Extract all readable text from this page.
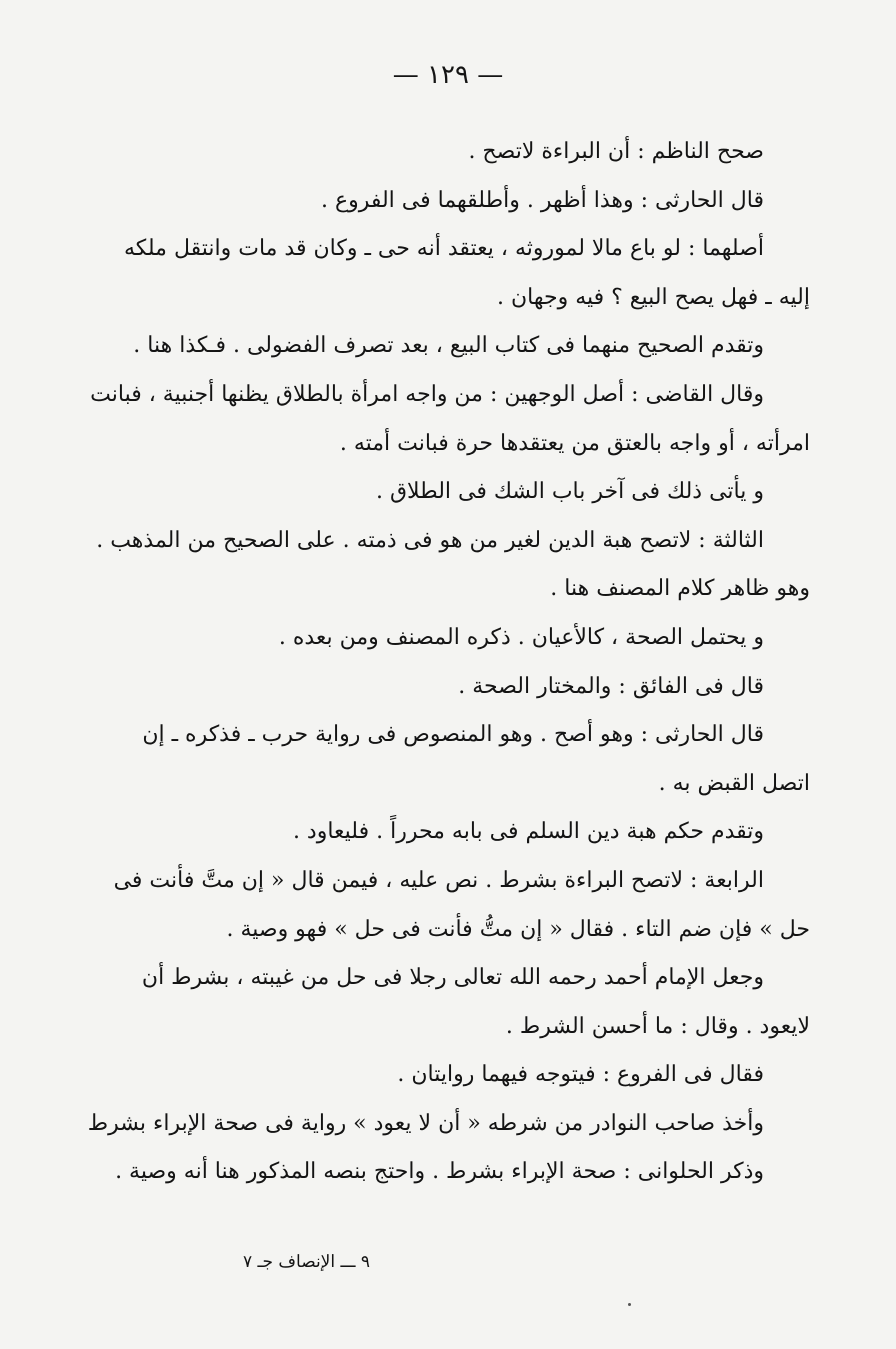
— ١٢٩ —
صحح الناظم : أن البراءة لاتصح .
قال الحارثى : وهذا أظهر . وأطلقهما فى الفروع .
أصلهما : لو باع مالا لموروثه ، يعتقد أنه حى ـ وكان قد مات وانتقل ملكه
إليه ـ فهل يصح البيع ؟ فيه وجهان .
وتقدم الصحيح منهما فى كتاب البيع ، بعد تصرف الفضولى . فـكذا هنا .
وقال القاضى : أصل الوجهين : من واجه امرأة بالطلاق يظنها أجنبية ، فبانت
امرأته ، أو واجه بالعتق من يعتقدها حرة فبانت أمته .
و يأتى ذلك فى آخر باب الشك فى الطلاق .
الثالثة : لاتصح هبة الدين لغير من هو فى ذمته . على الصحيح من المذهب .
وهو ظاهر كلام المصنف هنا .
و يحتمل الصحة ، كالأعيان . ذكره المصنف ومن بعده .
قال فى الفائق : والمختار الصحة .
قال الحارثى : وهو أصح . وهو المنصوص فى رواية حرب ـ فذكره ـ إن
اتصل القبض به .
وتقدم حكم هبة دين السلم فى بابه محرراً . فليعاود .
الرابعة : لاتصح البراءة بشرط . نص عليه ، فيمن قال « إن متَّ فأنت فى
حل » فإن ضم التاء . فقال « إن متُّ فأنت فى حل » فهو وصية .
وجعل الإمام أحمد رحمه الله تعالى رجلا فى حل من غيبته ، بشرط أن
لايعود . وقال : ما أحسن الشرط .
فقال فى الفروع : فيتوجه فيهما روايتان .
وأخذ صاحب النوادر من شرطه « أن لا يعود » رواية فى صحة الإبراء بشرط
وذكر الحلوانى : صحة الإبراء بشرط . واحتج بنصه المذكور هنا أنه وصية .
٩ ـــ الإنصاف جـ ٧
